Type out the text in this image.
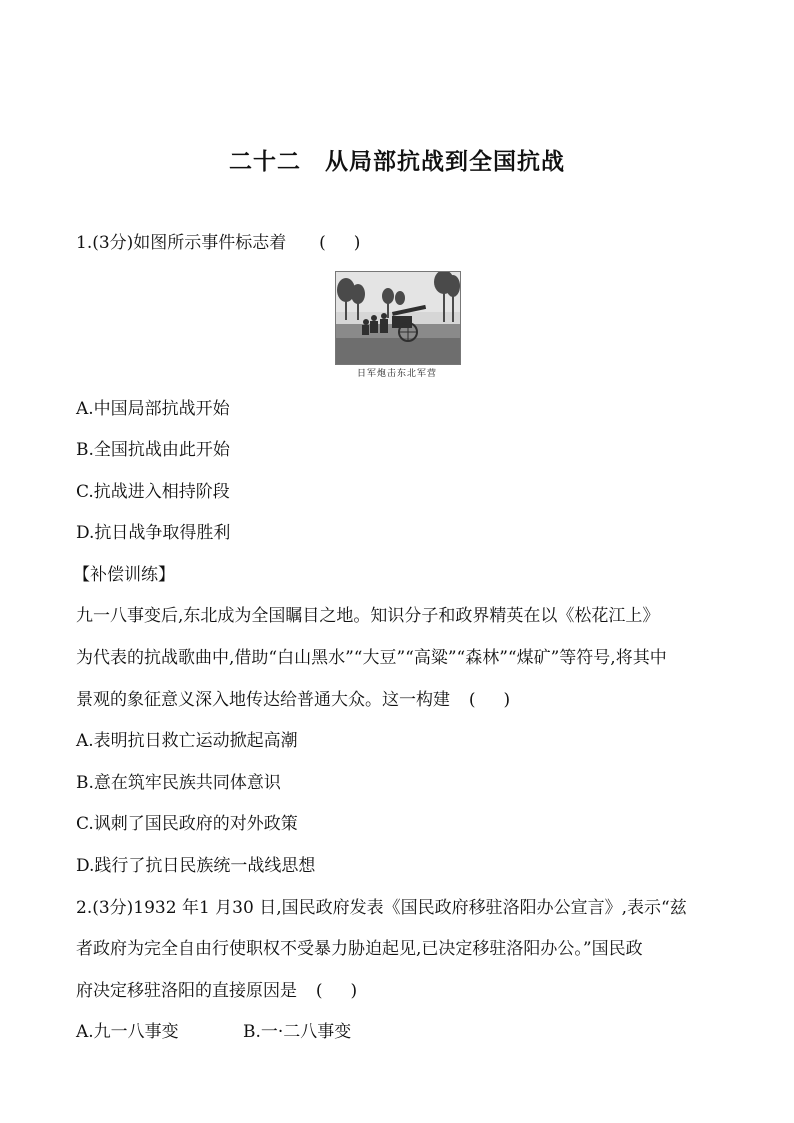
二十二　从局部抗战到全国抗战
1.(3分)如图所示事件标志着 ( )
日军炮击东北军营
A.中国局部抗战开始
B.全国抗战由此开始
C.抗战进入相持阶段
D.抗日战争取得胜利
【补偿训练】
九一八事变后,东北成为全国瞩目之地。知识分子和政界精英在以《松花江上》
为代表的抗战歌曲中,借助“白山黑水”“大豆”“高粱”“森林”“煤矿”等符号,将其中
景观的象征意义深入地传达给普通大众。这一构建 ( )
A.表明抗日救亡运动掀起高潮
B.意在筑牢民族共同体意识
C.讽刺了国民政府的对外政策
D.践行了抗日民族统一战线思想
2.(3分)1932 年1 月30 日,国民政府发表《国民政府移驻洛阳办公宣言》,表示“兹
者政府为完全自由行使职权不受暴力胁迫起见,已决定移驻洛阳办公。”国民政
府决定移驻洛阳的直接原因是 ( )
A.九一八事变	B.一·二八事变
